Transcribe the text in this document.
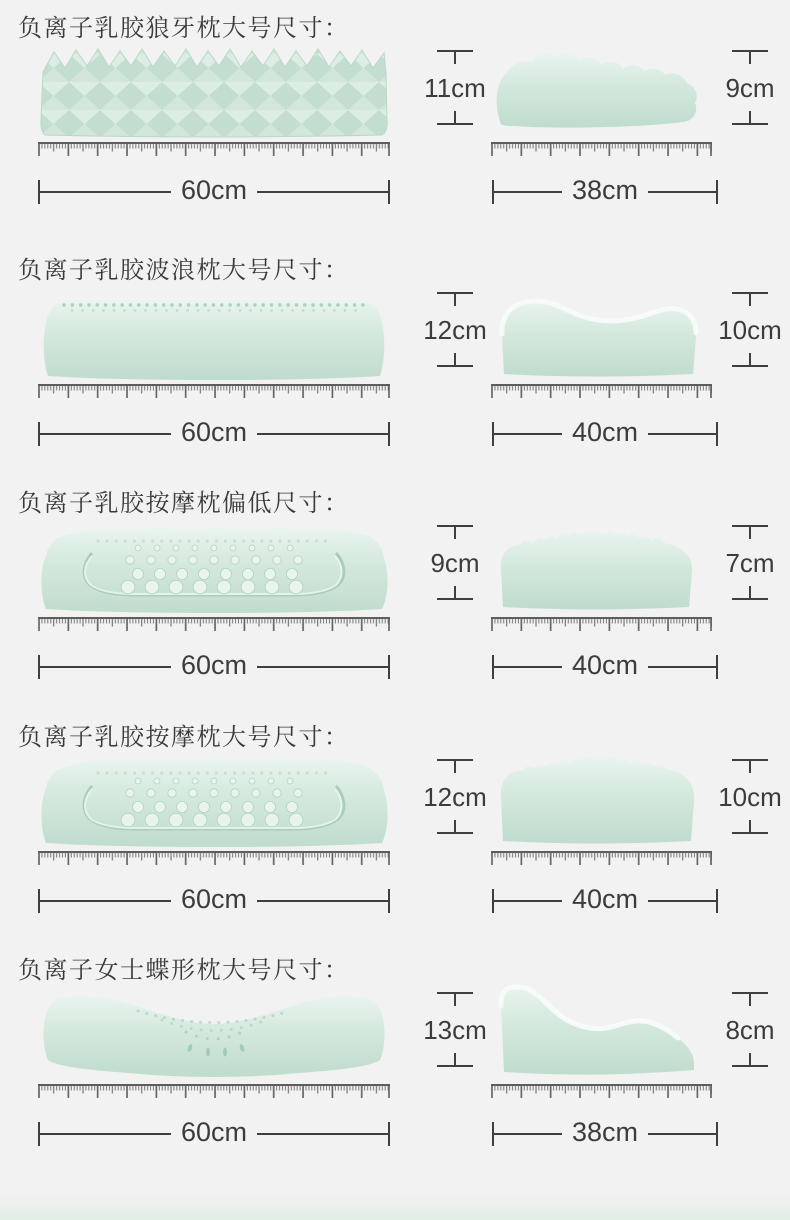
负离子乳胶狼牙枕大号尺寸：
11cm	9cm
60cm	38cm
负离子乳胶波浪枕大号尺寸：
12cm	10cm
60cm	40cm
负离子乳胶按摩枕偏低尺寸：
9cm	7cm
60cm	40cm
负离子乳胶按摩枕大号尺寸：
12cm	10cm
60cm	40cm
负离子女士蝶形枕大号尺寸：
13cm	8cm
60cm	38cm
